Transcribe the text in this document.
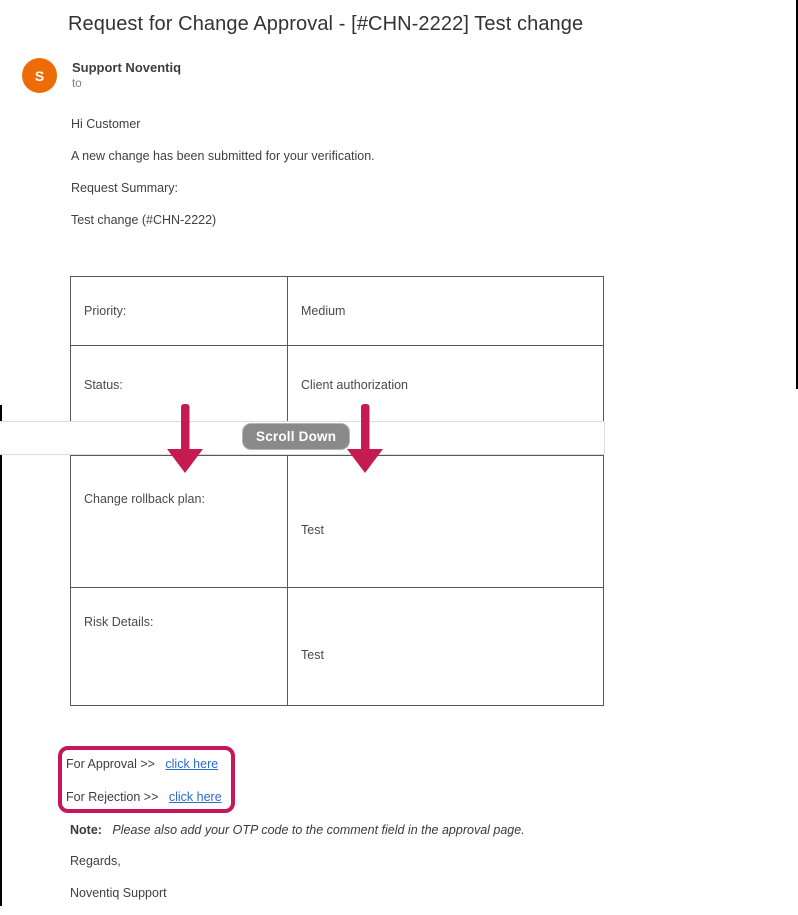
Request for Change Approval - [#CHN-2222] Test change
S Support Noventiq
to
Hi Customer
A new change has been submitted for your verification.
Request Summary:
Test change (#CHN-2222)
Priority:	Medium
Status:	Client authorization
Scroll Down
Change rollback plan:
Test
Risk Details:
Test
For Approval >> click here
For Rejection >> click here
Note: Please also add your OTP code to the comment field in the approval page.
Regards,
Noventiq Support
